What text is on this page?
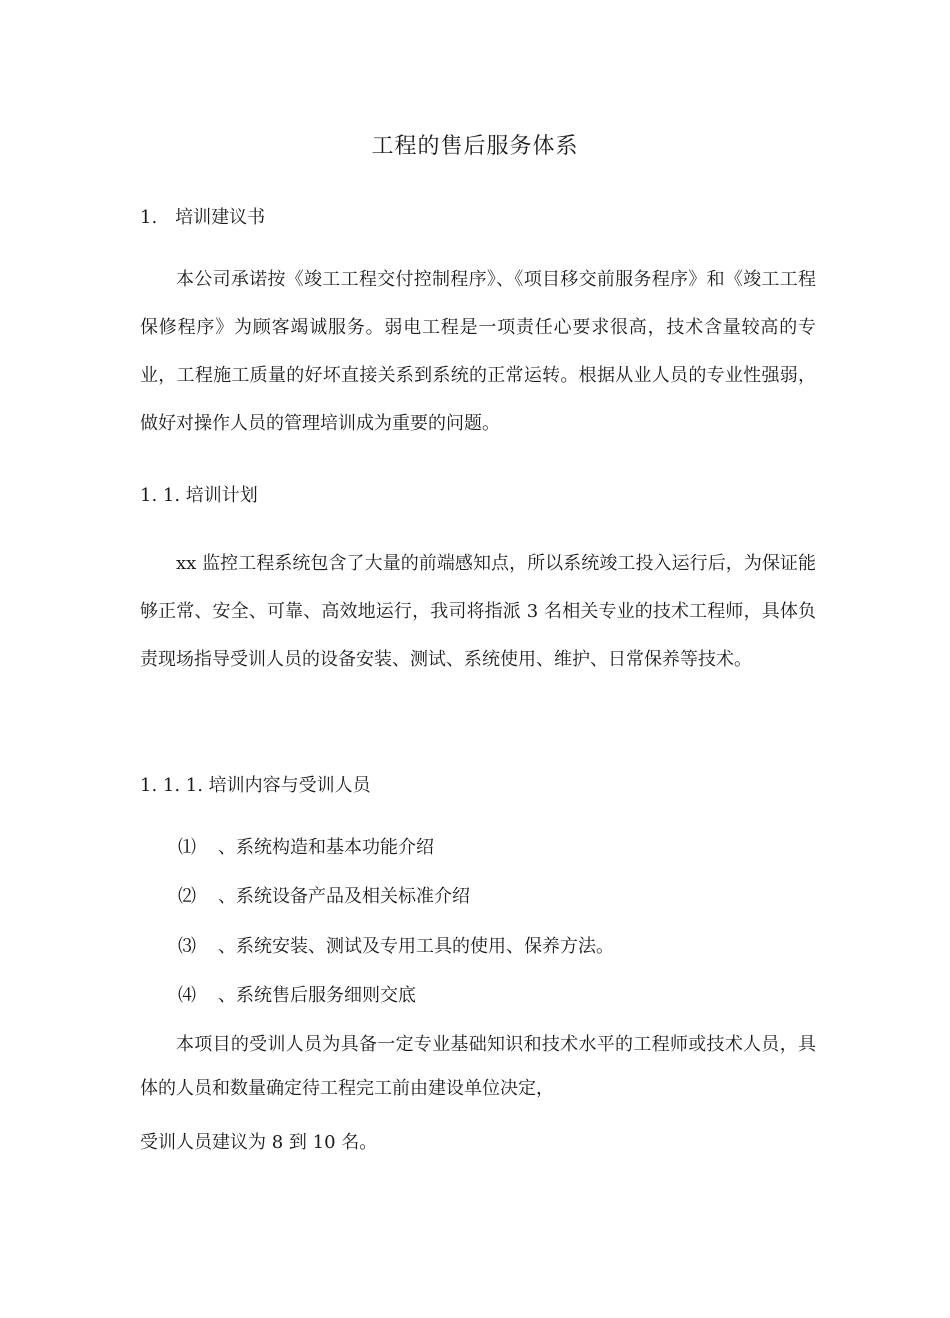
工程的售后服务体系
1.　培训建议书
本公司承诺按《竣工工程交付控制程序》、《项目移交前服务程序》和《竣工工程保修程序》为顾客竭诚服务。弱电工程是一项责任心要求很高，技术含量较高的专业，工程施工质量的好坏直接关系到系统的正常运转。根据从业人员的专业性强弱，做好对操作人员的管理培训成为重要的问题。
1. 1. 培训计划
xx 监控工程系统包含了大量的前端感知点，所以系统竣工投入运行后，为保证能够正常、安全、可靠、高效地运行，我司将指派 3 名相关专业的技术工程师，具体负责现场指导受训人员的设备安装、测试、系统使用、维护、日常保养等技术。
1. 1. 1. 培训内容与受训人员
⑴ 、系统构造和基本功能介绍
⑵ 、系统设备产品及相关标准介绍
⑶ 、系统安装、测试及专用工具的使用、保养方法。
⑷ 、系统售后服务细则交底
本项目的受训人员为具备一定专业基础知识和技术水平的工程师或技术人员，具体的人员和数量确定待工程完工前由建设单位决定，
受训人员建议为 8 到 10 名。
